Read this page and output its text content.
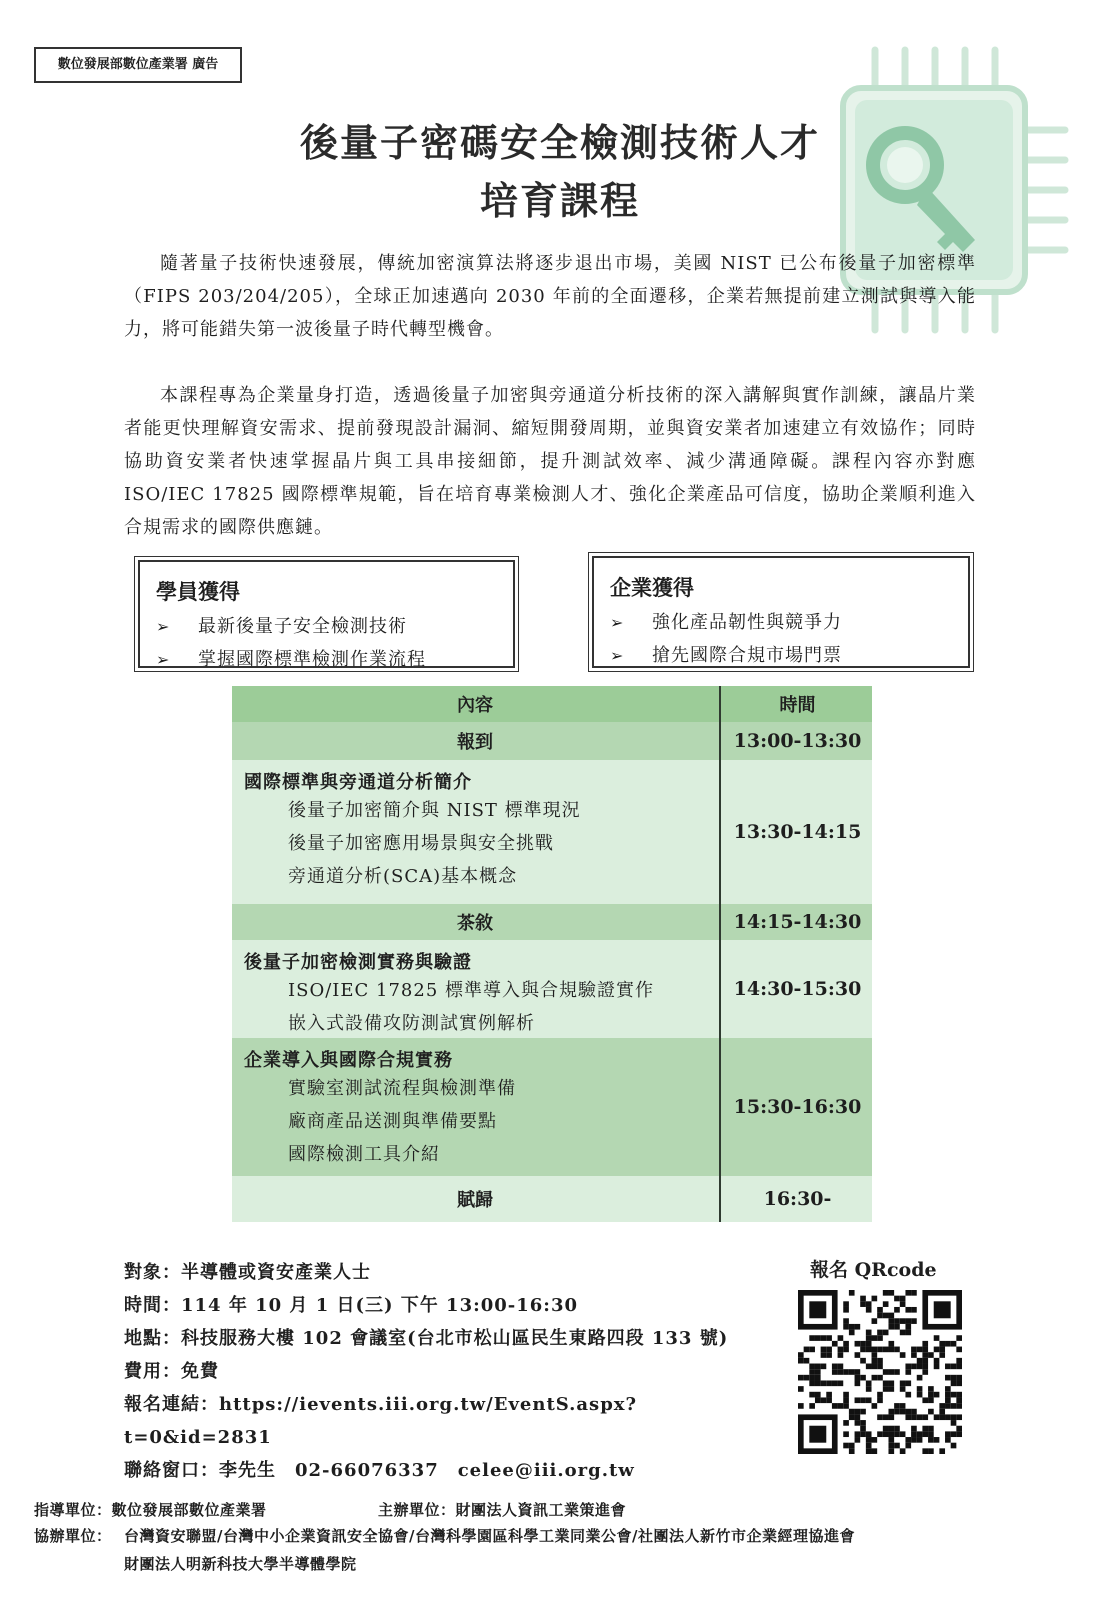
數位發展部數位產業署 廣告
後量子密碼安全檢測技術人才
培育課程

隨著量子技術快速發展，傳統加密演算法將逐步退出市場，美國 NIST 已公布後量子加密標準（FIPS 203/204/205），全球正加速邁向 2030 年前的全面遷移，企業若無提前建立測試與導入能力，將可能錯失第一波後量子時代轉型機會。

本課程專為企業量身打造，透過後量子加密與旁通道分析技術的深入講解與實作訓練，讓晶片業者能更快理解資安需求、提前發現設計漏洞、縮短開發周期，並與資安業者加速建立有效協作；同時協助資安業者快速掌握晶片與工具串接細節，提升測試效率、減少溝通障礙。課程內容亦對應 ISO/IEC 17825 國際標準規範，旨在培育專業檢測人才、強化企業產品可信度，協助企業順利進入合規需求的國際供應鏈。

學員獲得
➢ 最新後量子安全檢測技術
➢ 掌握國際標準檢測作業流程
企業獲得
➢ 強化產品韌性與競爭力
➢ 搶先國際合規市場門票
內容	時間
報到	13:00-13:30
國際標準與旁通道分析簡介
後量子加密簡介與 NIST 標準現況
後量子加密應用場景與安全挑戰
旁通道分析(SCA)基本概念
13:30-14:15
茶敘	14:15-14:30
後量子加密檢測實務與驗證
ISO/IEC 17825 標準導入與合規驗證實作
嵌入式設備攻防測試實例解析
14:30-15:30
企業導入與國際合規實務
實驗室測試流程與檢測準備
廠商產品送測與準備要點
國際檢測工具介紹
15:30-16:30
賦歸	16:30-
對象：半導體或資安產業人士
時間：114 年 10 月 1 日(三) 下午 13:00-16:30
地點：科技服務大樓 102 會議室(台北市松山區民生東路四段 133 號)
費用：免費
報名連結：https://ievents.iii.org.tw/EventS.aspx?t=0&id=2831
聯絡窗口：李先生　02-66076337　celee@iii.org.tw
報名 QRcode
指導單位：數位發展部數位產業署	主辦單位：財團法人資訊工業策進會
協辦單位： 台灣資安聯盟/台灣中小企業資訊安全協會/台灣科學園區科學工業同業公會/社團法人新竹市企業經理協進會
財團法人明新科技大學半導體學院
